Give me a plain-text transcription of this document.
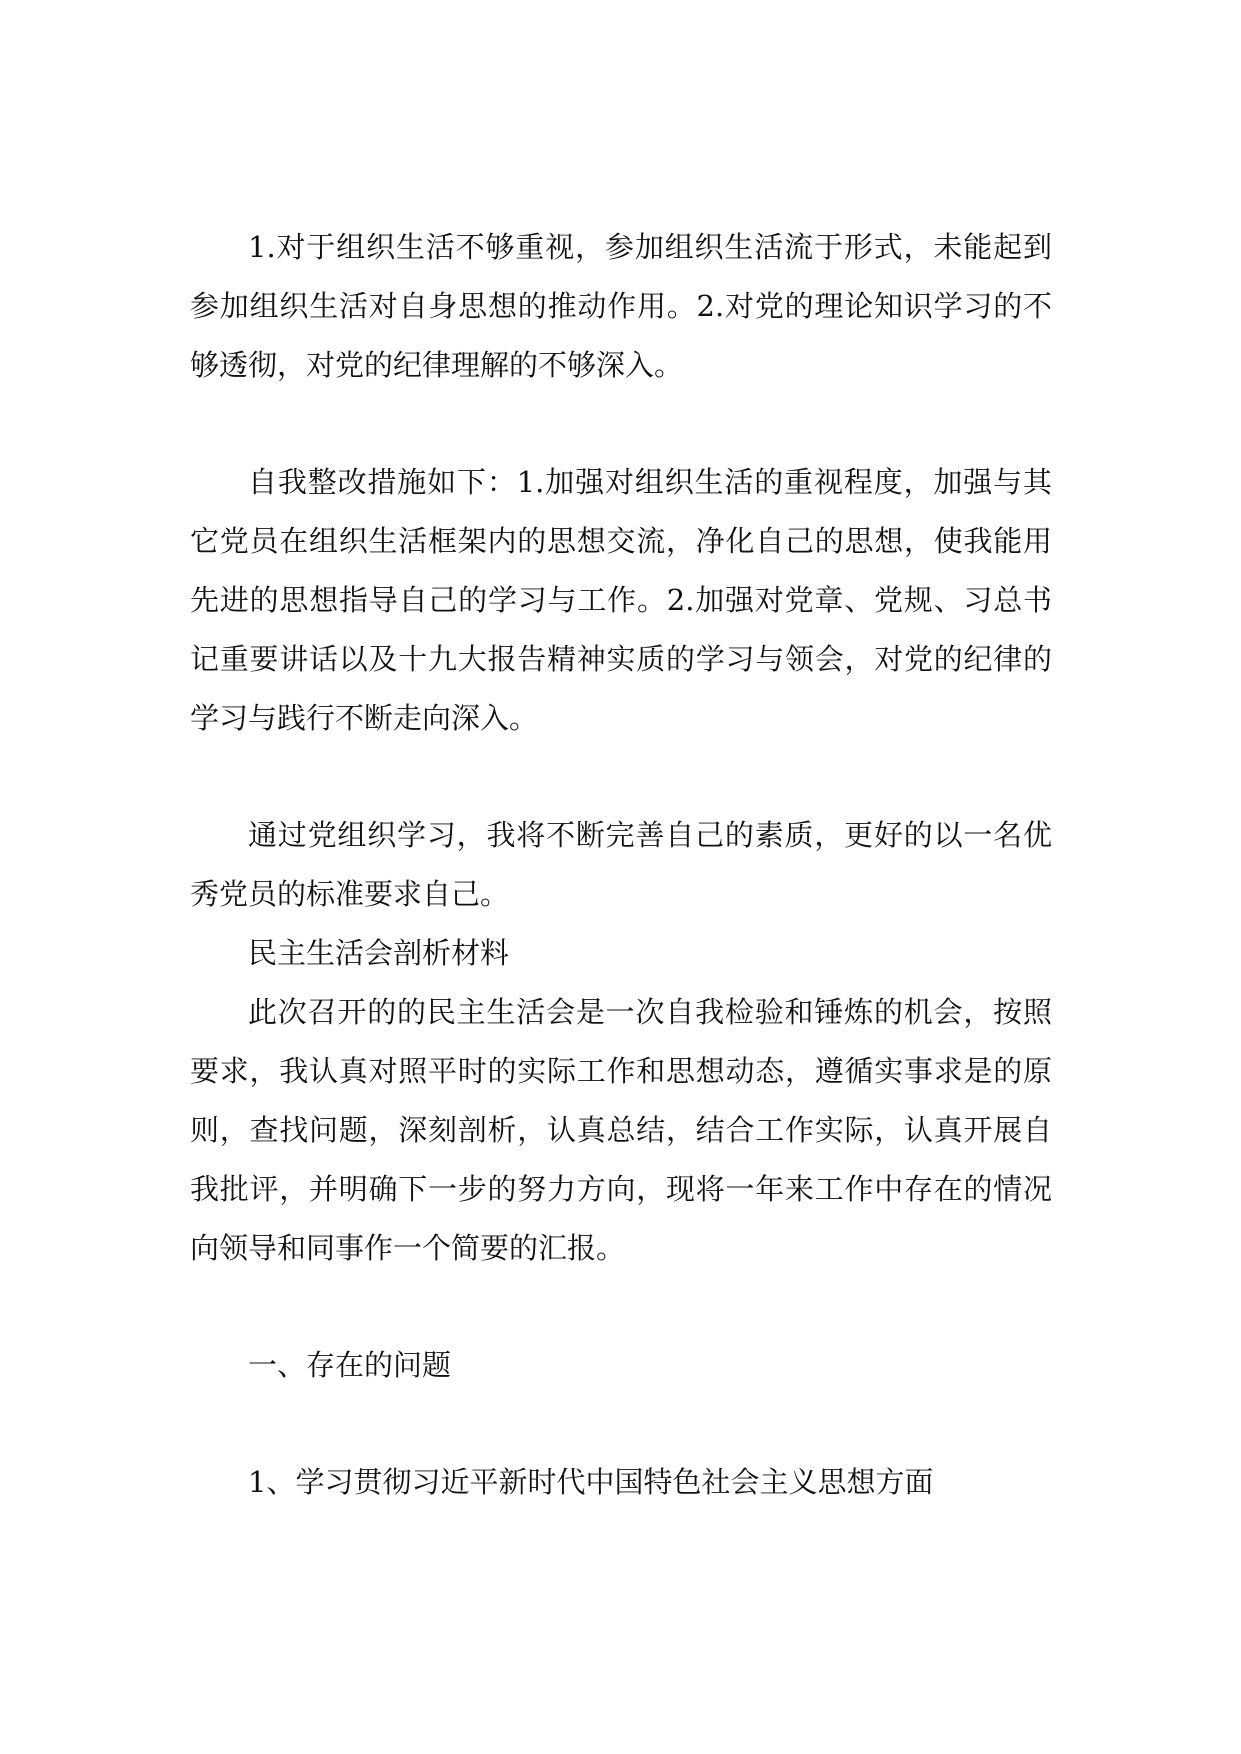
1.对于组织生活不够重视，参加组织生活流于形式，未能起到参加组织生活对自身思想的推动作用。2.对党的理论知识学习的不够透彻，对党的纪律理解的不够深入。

自我整改措施如下：1.加强对组织生活的重视程度，加强与其它党员在组织生活框架内的思想交流，净化自己的思想，使我能用先进的思想指导自己的学习与工作。2.加强对党章、党规、习总书记重要讲话以及十九大报告精神实质的学习与领会，对党的纪律的学习与践行不断走向深入。

通过党组织学习，我将不断完善自己的素质，更好的以一名优秀党员的标准要求自己。

民主生活会剖析材料

此次召开的的民主生活会是一次自我检验和锤炼的机会，按照要求，我认真对照平时的实际工作和思想动态，遵循实事求是的原则，查找问题，深刻剖析，认真总结，结合工作实际，认真开展自我批评，并明确下一步的努力方向，现将一年来工作中存在的情况向领导和同事作一个简要的汇报。

一、存在的问题

1、学习贯彻习近平新时代中国特色社会主义思想方面
